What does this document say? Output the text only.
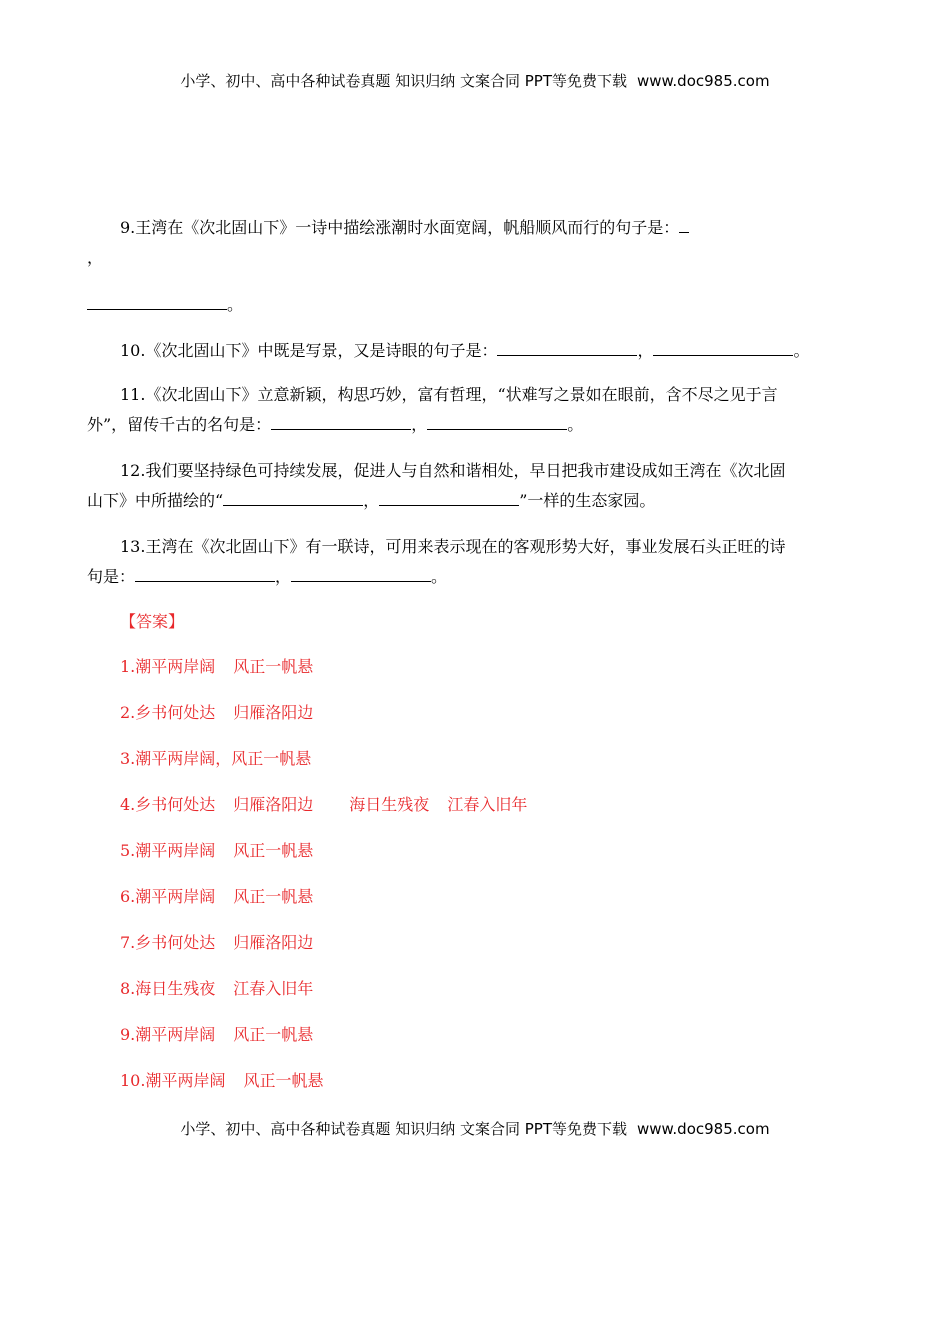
小学、初中、高中各种试卷真题 知识归纳 文案合同 PPT等免费下载 www.doc985.com
9.王湾在《次北固山下》一诗中描绘涨潮时水面宽阔，帆船顺风而行的句子是：
，
。
10.《次北固山下》中既是写景，又是诗眼的句子是：	，	。
11.《次北固山下》立意新颖，构思巧妙，富有哲理，“状难写之景如在眼前，含不尽之见于言
外”，留传千古的名句是：	，	。
12.我们要坚持绿色可持续发展，促进人与自然和谐相处，早日把我市建设成如王湾在《次北固
山下》中所描绘的“	，	”一样的生态家园。
13.王湾在《次北固山下》有一联诗，可用来表示现在的客观形势大好，事业发展石头正旺的诗
句是：	，	。
【答案】
1.潮平两岸阔 风正一帆悬
2.乡书何处达 归雁洛阳边
3.潮平两岸阔，风正一帆悬
4.乡书何处达 归雁洛阳边 海日生残夜 江春入旧年
5.潮平两岸阔 风正一帆悬
6.潮平两岸阔 风正一帆悬
7.乡书何处达 归雁洛阳边
8.海日生残夜 江春入旧年
9.潮平两岸阔 风正一帆悬
10.潮平两岸阔 风正一帆悬
小学、初中、高中各种试卷真题 知识归纳 文案合同 PPT等免费下载 www.doc985.com
